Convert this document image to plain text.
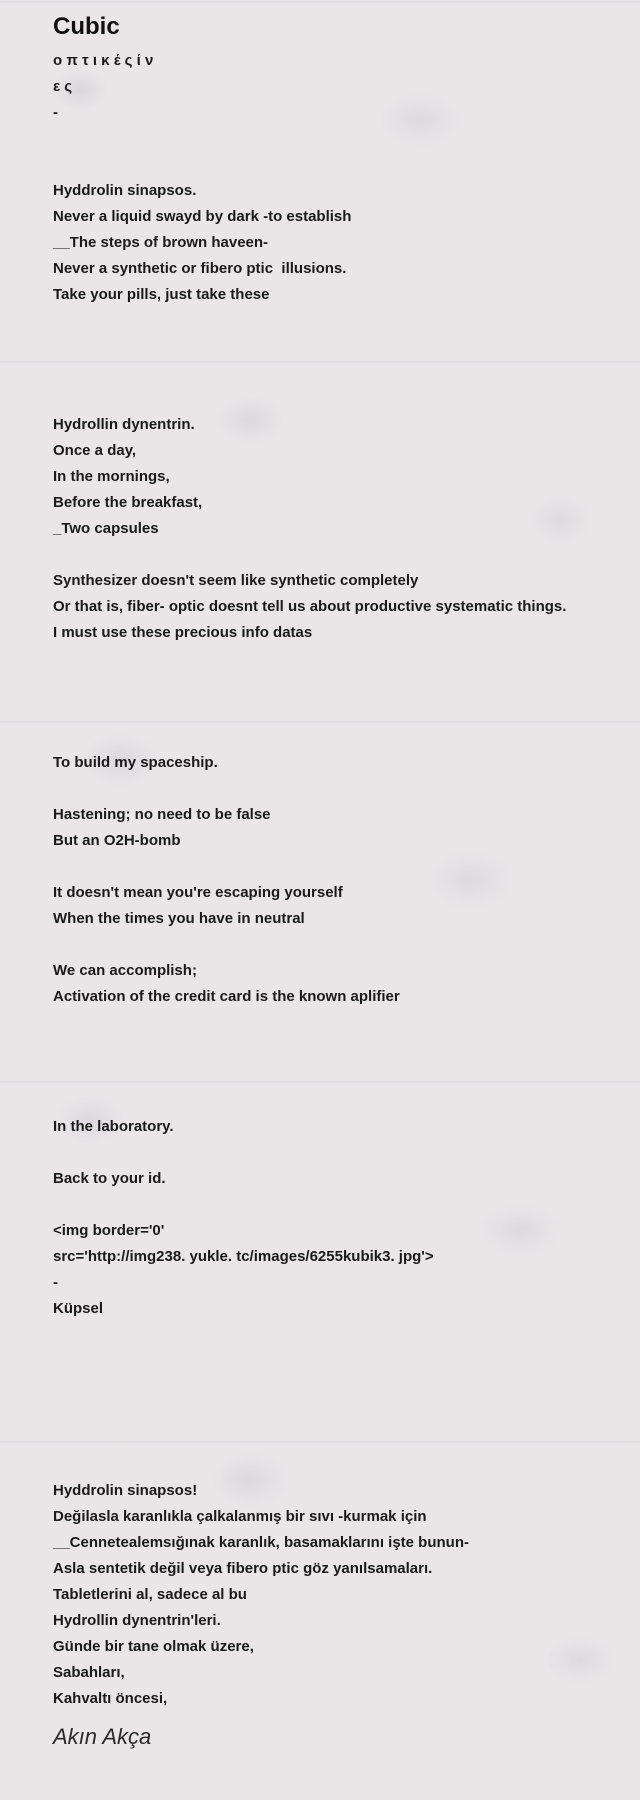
Cubic
ο π τ ι κ έ ς ί ν
ε ς
-
Hyddrolin sinapsos.
Never a liquid swayd by dark -to establish
__The steps of brown haveen-
Never a synthetic or fibero ptic  illusions.
Take your pills, just take these
Hydrollin dynentrin.
Once a day,
In the mornings,
Before the breakfast,
_Two capsules
Synthesizer doesn't seem like synthetic completely
Or that is, fiber- optic doesnt tell us about productive systematic things.
I must use these precious info datas
To build my spaceship.
Hastening; no need to be false
But an O2H-bomb
It doesn't mean you're escaping yourself
When the times you have in neutral
We can accomplish;
Activation of the credit card is the known aplifier
In the laboratory.
Back to your id.
<img border='0'
src='http://img238. yukle. tc/images/6255kubik3. jpg'>
-
Küpsel
Hyddrolin sinapsos!
Değilasla karanlıkla çalkalanmış bir sıvı -kurmak için
__Cennetealemsığınak karanlık, basamaklarını işte bunun-
Asla sentetik değil veya fibero ptic göz yanılsamaları.
Tabletlerini al, sadece al bu
Hydrollin dynentrin'leri.
Günde bir tane olmak üzere,
Sabahları,
Kahvaltı öncesi,
Akın Akça
